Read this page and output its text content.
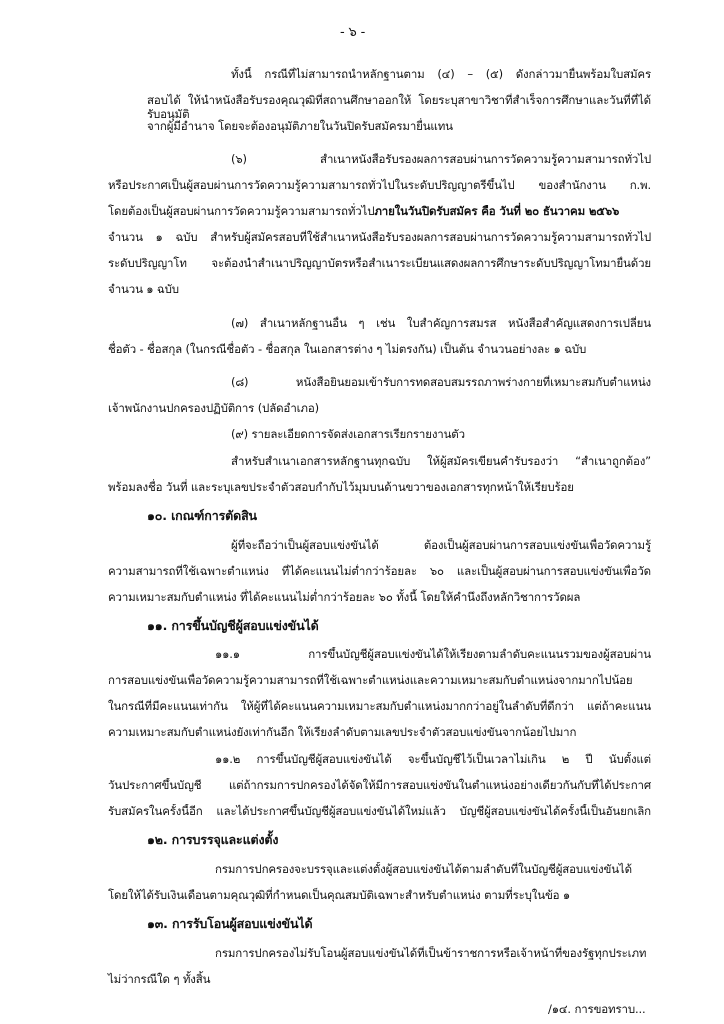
- ๖ -
ทั้งนี้ กรณีที่ไม่สามารถนำหลักฐานตาม (๔) – (๕) ดังกล่าวมายื่นพร้อมใบสมัคร
สอบได้ ให้นำหนังสือรับรองคุณวุฒิที่สถานศึกษาออกให้ โดยระบุสาขาวิชาที่สำเร็จการศึกษาและวันที่ที่ได้รับอนุมัติ
จากผู้มีอำนาจ โดยจะต้องอนุมัติภายในวันปิดรับสมัครมายื่นแทน
(๖) สำเนาหนังสือรับรองผลการสอบผ่านการวัดความรู้ความสามารถทั่วไป
หรือประกาศเป็นผู้สอบผ่านการวัดความรู้ความสามารถทั่วไปในระดับปริญญาตรีขึ้นไป ของสำนักงาน ก.พ.
โดยต้องเป็นผู้สอบผ่านการวัดความรู้ความสามารถทั่วไปภายในวันปิดรับสมัคร คือ วันที่ ๒๐ ธันวาคม ๒๕๖๖
จำนวน ๑ ฉบับ สำหรับผู้สมัครสอบที่ใช้สำเนาหนังสือรับรองผลการสอบผ่านการวัดความรู้ความสามารถทั่วไป
ระดับปริญญาโท จะต้องนำสำเนาปริญญาบัตรหรือสำเนาระเบียนแสดงผลการศึกษาระดับปริญญาโทมายื่นด้วย
จำนวน ๑ ฉบับ
(๗) สำเนาหลักฐานอื่น ๆ เช่น ใบสำคัญการสมรส หนังสือสำคัญแสดงการเปลี่ยน
ชื่อตัว - ชื่อสกุล (ในกรณีชื่อตัว - ชื่อสกุล ในเอกสารต่าง ๆ ไม่ตรงกัน) เป็นต้น จำนวนอย่างละ ๑ ฉบับ
(๘) หนังสือยินยอมเข้ารับการทดสอบสมรรถภาพร่างกายที่เหมาะสมกับตำแหน่ง
เจ้าพนักงานปกครองปฏิบัติการ (ปลัดอำเภอ)
(๙) รายละเอียดการจัดส่งเอกสารเรียกรายงานตัว
สำหรับสำเนาเอกสารหลักฐานทุกฉบับ ให้ผู้สมัครเขียนคำรับรองว่า “สำเนาถูกต้อง”
พร้อมลงชื่อ วันที่ และระบุเลขประจำตัวสอบกำกับไว้มุมบนด้านขวาของเอกสารทุกหน้าให้เรียบร้อย
๑๐. เกณฑ์การตัดสิน
ผู้ที่จะถือว่าเป็นผู้สอบแข่งขันได้ ต้องเป็นผู้สอบผ่านการสอบแข่งขันเพื่อวัดความรู้
ความสามารถที่ใช้เฉพาะตำแหน่ง ที่ได้คะแนนไม่ต่ำกว่าร้อยละ ๖๐ และเป็นผู้สอบผ่านการสอบแข่งขันเพื่อวัด
ความเหมาะสมกับตำแหน่ง ที่ได้คะแนนไม่ต่ำกว่าร้อยละ ๖๐ ทั้งนี้ โดยให้คำนึงถึงหลักวิชาการวัดผล
๑๑. การขึ้นบัญชีผู้สอบแข่งขันได้
๑๑.๑ การขึ้นบัญชีผู้สอบแข่งขันได้ให้เรียงตามลำดับคะแนนรวมของผู้สอบผ่าน
การสอบแข่งขันเพื่อวัดความรู้ความสามารถที่ใช้เฉพาะตำแหน่งและความเหมาะสมกับตำแหน่งจากมากไปน้อย
ในกรณีที่มีคะแนนเท่ากัน ให้ผู้ที่ได้คะแนนความเหมาะสมกับตำแหน่งมากกว่าอยู่ในลำดับที่ดีกว่า แต่ถ้าคะแนน
ความเหมาะสมกับตำแหน่งยังเท่ากันอีก ให้เรียงลำดับตามเลขประจำตัวสอบแข่งขันจากน้อยไปมาก
๑๑.๒ การขึ้นบัญชีผู้สอบแข่งขันได้ จะขึ้นบัญชีไว้เป็นเวลาไม่เกิน ๒ ปี นับตั้งแต่
วันประกาศขึ้นบัญชี แต่ถ้ากรมการปกครองได้จัดให้มีการสอบแข่งขันในตำแหน่งอย่างเดียวกันกับที่ได้ประกาศ
รับสมัครในครั้งนี้อีก และได้ประกาศขึ้นบัญชีผู้สอบแข่งขันได้ใหม่แล้ว บัญชีผู้สอบแข่งขันได้ครั้งนี้เป็นอันยกเลิก
๑๒. การบรรจุและแต่งตั้ง
กรมการปกครองจะบรรจุและแต่งตั้งผู้สอบแข่งขันได้ตามลำดับที่ในบัญชีผู้สอบแข่งขันได้
โดยให้ได้รับเงินเดือนตามคุณวุฒิที่กำหนดเป็นคุณสมบัติเฉพาะสำหรับตำแหน่ง ตามที่ระบุในข้อ ๑
๑๓. การรับโอนผู้สอบแข่งขันได้
กรมการปกครองไม่รับโอนผู้สอบแข่งขันได้ที่เป็นข้าราชการหรือเจ้าหน้าที่ของรัฐทุกประเภท
ไม่ว่ากรณีใด ๆ ทั้งสิ้น
/๑๔. การขอทราบ...
